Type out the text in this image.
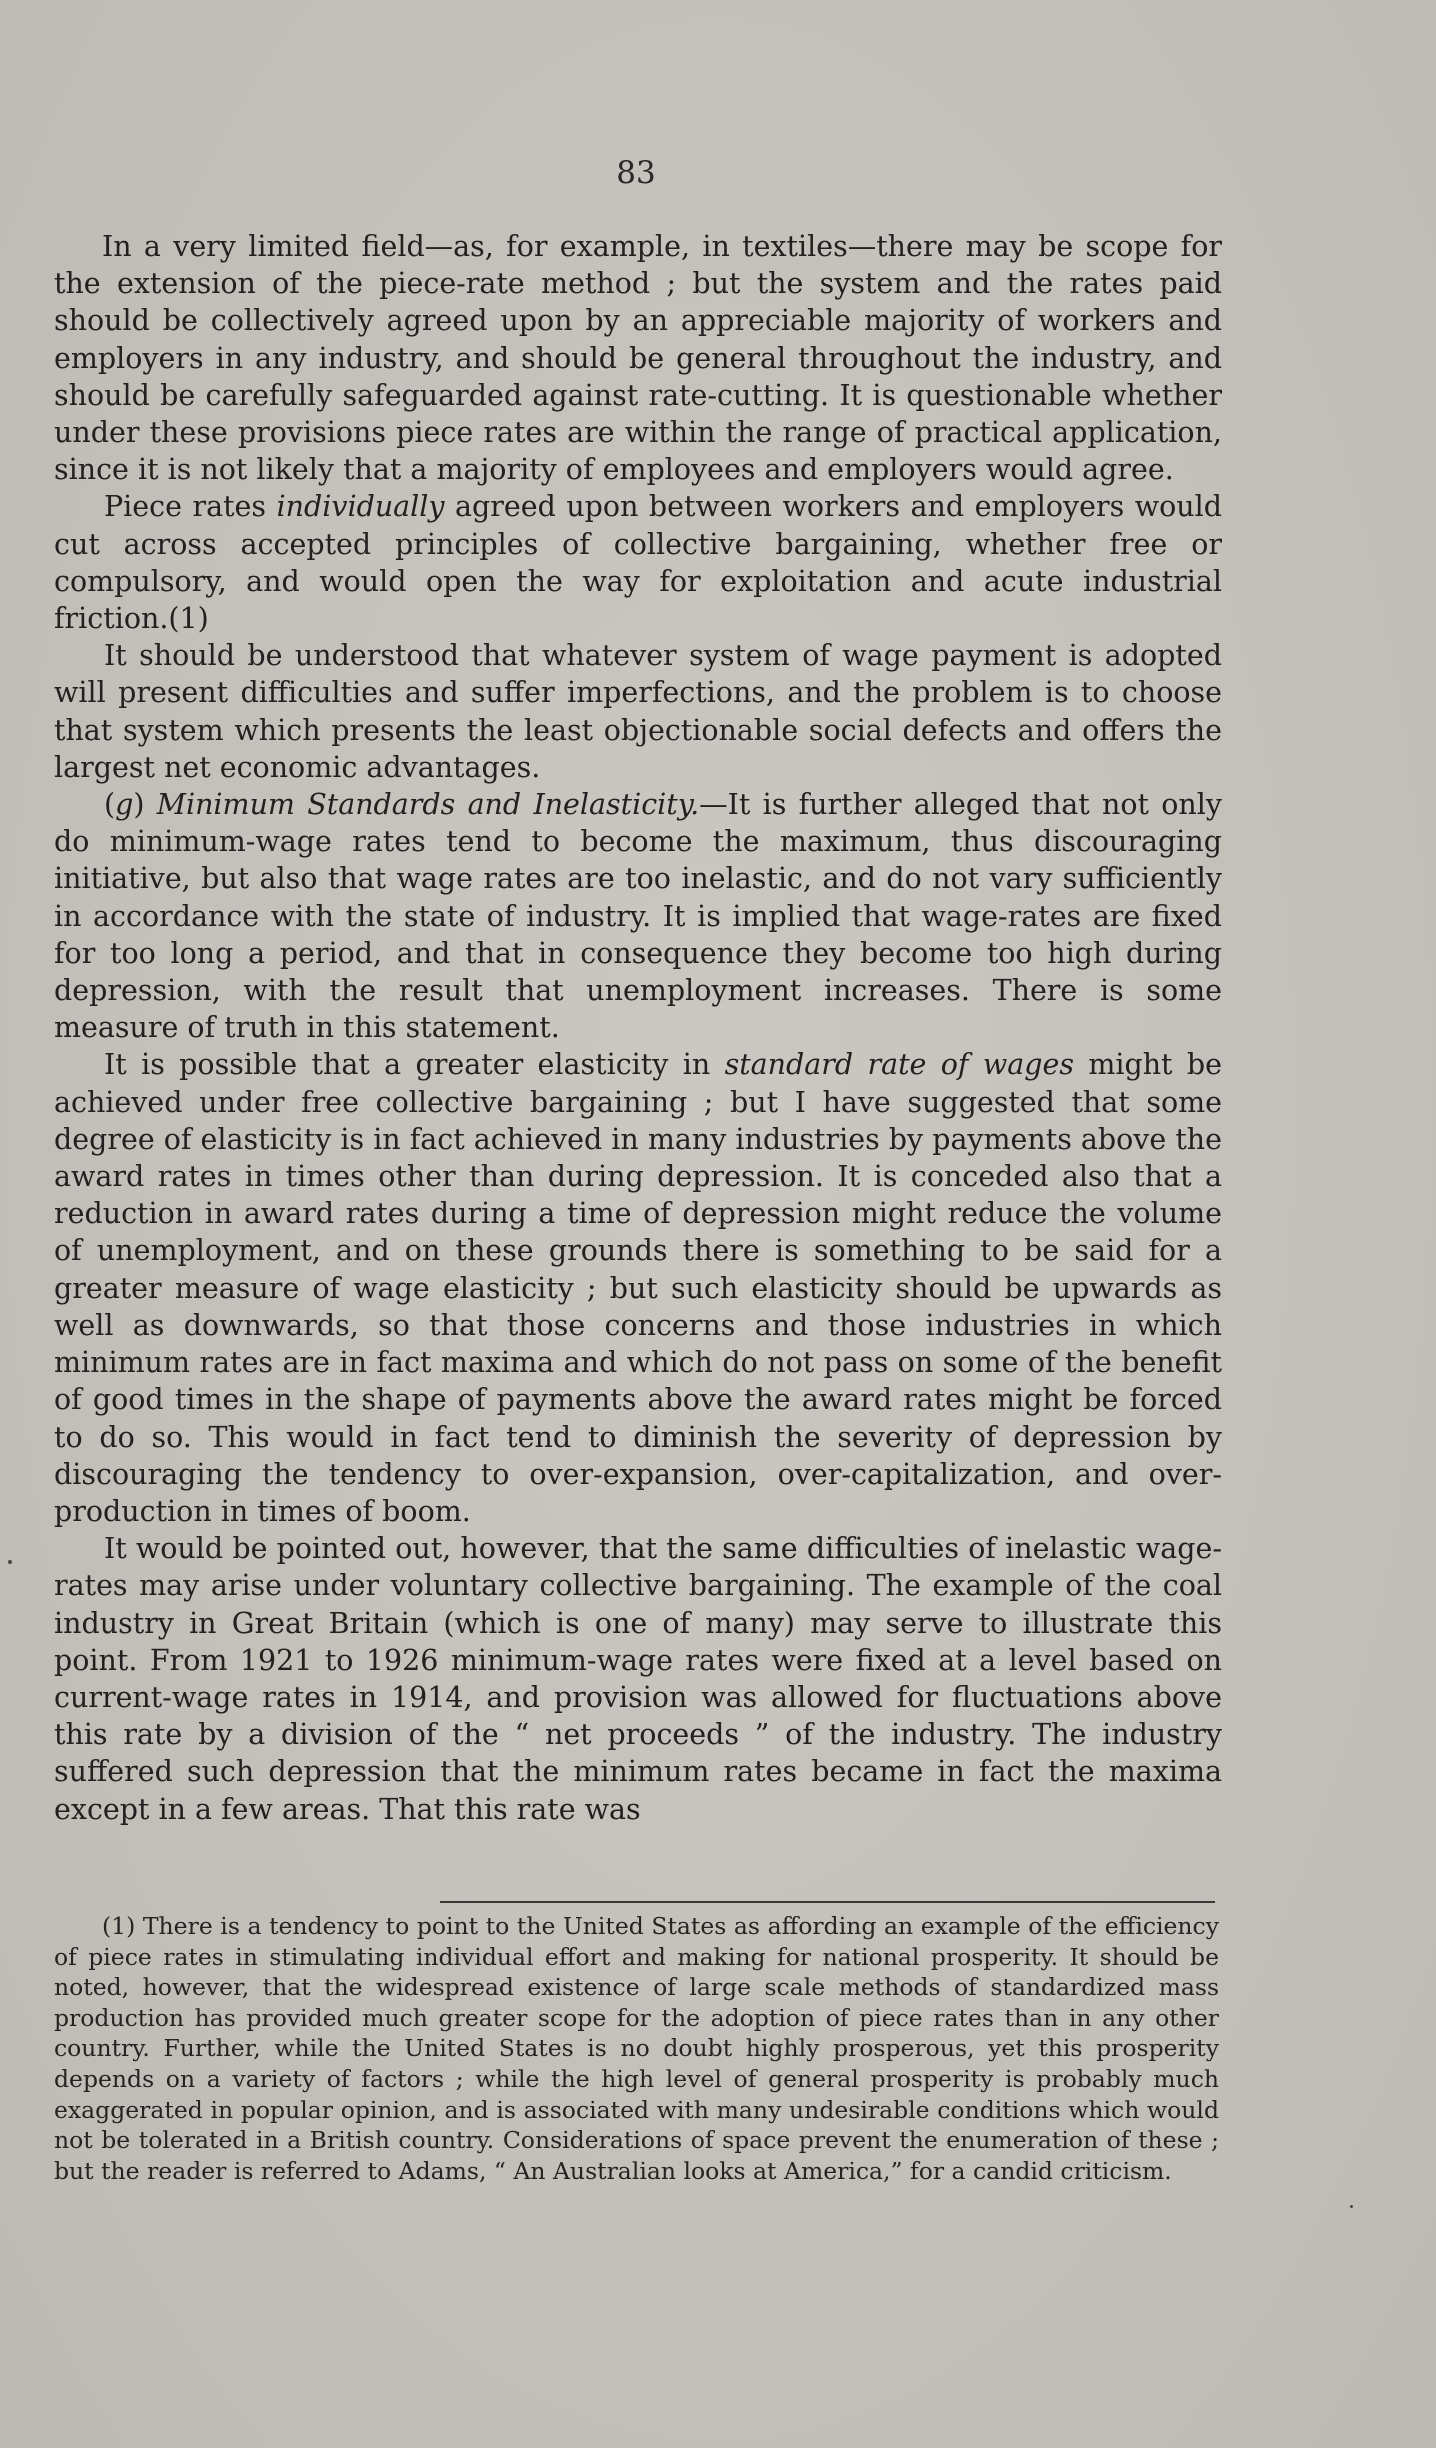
83

In a very limited field—as, for example, in textiles—there may be scope for the extension of the piece-rate method ; but the system and the rates paid should be collectively agreed upon by an appreciable majority of workers and employers in any industry, and should be general throughout the industry, and should be carefully safeguarded against rate-cutting. It is questionable whether under these provisions piece rates are within the range of practical application, since it is not likely that a majority of employees and employers would agree.

Piece rates individually agreed upon between workers and employers would cut across accepted principles of collective bargaining, whether free or compulsory, and would open the way for exploitation and acute industrial friction.(1)

It should be understood that whatever system of wage payment is adopted will present difficulties and suffer imperfections, and the problem is to choose that system which presents the least objectionable social defects and offers the largest net economic advantages.

(g) Minimum Standards and Inelasticity.—It is further alleged that not only do minimum-wage rates tend to become the maximum, thus discouraging initiative, but also that wage rates are too inelastic, and do not vary sufficiently in accordance with the state of industry. It is implied that wage-rates are fixed for too long a period, and that in consequence they become too high during depression, with the result that unemployment increases. There is some measure of truth in this statement.

It is possible that a greater elasticity in standard rate of wages might be achieved under free collective bargaining ; but I have suggested that some degree of elasticity is in fact achieved in many industries by payments above the award rates in times other than during depression. It is conceded also that a reduction in award rates during a time of depression might reduce the volume of unemployment, and on these grounds there is something to be said for a greater measure of wage elasticity ; but such elasticity should be upwards as well as downwards, so that those concerns and those industries in which minimum rates are in fact maxima and which do not pass on some of the benefit of good times in the shape of payments above the award rates might be forced to do so. This would in fact tend to diminish the severity of depression by discouraging the tendency to over-expansion, over-capitalization, and over-production in times of boom.

It would be pointed out, however, that the same difficulties of inelastic wage-rates may arise under voluntary collective bargaining. The example of the coal industry in Great Britain (which is one of many) may serve to illustrate this point. From 1921 to 1926 minimum-wage rates were fixed at a level based on current-wage rates in 1914, and provision was allowed for fluctuations above this rate by a division of the “ net proceeds ” of the industry. The industry suffered such depression that the minimum rates became in fact the maxima except in a few areas. That this rate was

(1) There is a tendency to point to the United States as affording an example of the efficiency of piece rates in stimulating individual effort and making for national prosperity. It should be noted, however, that the widespread existence of large scale methods of standardized mass production has provided much greater scope for the adoption of piece rates than in any other country. Further, while the United States is no doubt highly prosperous, yet this prosperity depends on a variety of factors ; while the high level of general prosperity is probably much exaggerated in popular opinion, and is associated with many undesirable conditions which would not be tolerated in a British country. Considerations of space prevent the enumeration of these ; but the reader is referred to Adams, “ An Australian looks at America,” for a candid criticism.
